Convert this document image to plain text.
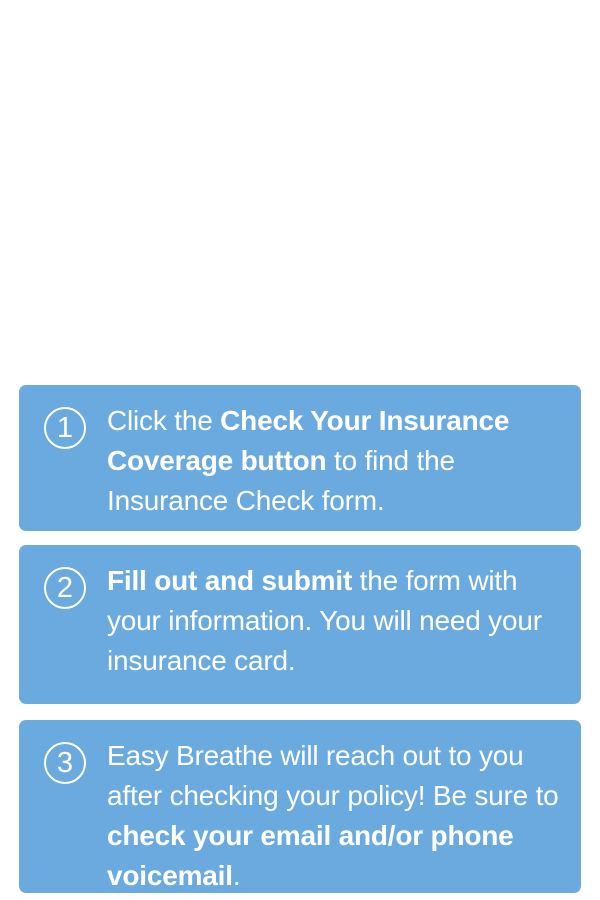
1	Click the Check Your Insurance Coverage button to find the Insurance Check form.

2	Fill out and submit the form with your information. You will need your insurance card.

3	Easy Breathe will reach out to you after checking your policy! Be sure to check your email and/or phone voicemail.
